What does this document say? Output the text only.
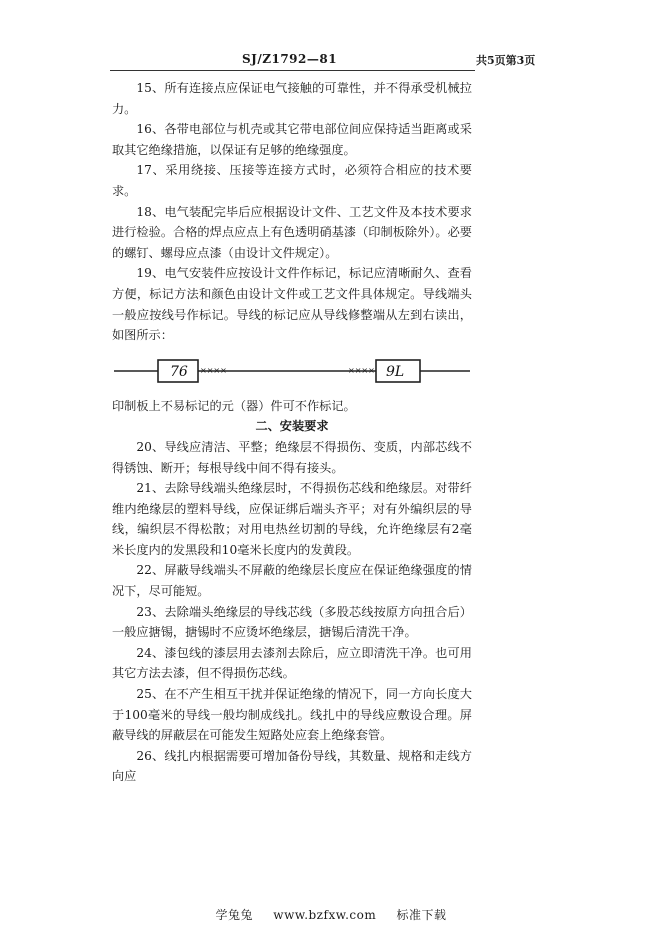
SJ/Z1792—81	共5页第3页

15、所有连接点应保证电气接触的可靠性，并不得承受机械拉力。

16、各带电部位与机壳或其它带电部位间应保持适当距离或采取其它绝缘措施，以保证有足够的绝缘强度。

17、采用绕接、压接等连接方式时，必须符合相应的技术要求。

18、电气装配完毕后应根据设计文件、工艺文件及本技术要求进行检验。合格的焊点应点上有色透明硝基漆（印制板除外）。必要的螺钉、螺母应点漆（由设计文件规定）。

19、电气安装件应按设计文件作标记，标记应清晰耐久、查看方便，标记方法和颜色由设计文件或工艺文件具体规定。导线端头一般应按线号作标记。导线的标记应从导线修整端从左到右读出，如图所示：

76 ××××	×××× 9L

印制板上不易标记的元（器）件可不作标记。

二、安装要求

20、导线应清洁、平整；绝缘层不得损伤、变质，内部芯线不得锈蚀、断开；每根导线中间不得有接头。

21、去除导线端头绝缘层时，不得损伤芯线和绝缘层。对带纤维内绝缘层的塑料导线，应保证绑后端头齐平；对有外编织层的导线，编织层不得松散；对用电热丝切割的导线，允许绝缘层有2毫米长度内的发黑段和10毫米长度内的发黄段。

22、屏蔽导线端头不屏蔽的绝缘层长度应在保证绝缘强度的情况下，尽可能短。

23、去除端头绝缘层的导线芯线（多股芯线按原方向扭合后）一般应搪锡，搪锡时不应烫坏绝缘层，搪锡后清洗干净。

24、漆包线的漆层用去漆剂去除后，应立即清洗干净。也可用其它方法去漆，但不得损伤芯线。

25、在不产生相互干扰并保证绝缘的情况下，同一方向长度大于100毫米的导线一般均制成线扎。线扎中的导线应敷设合理。屏蔽导线的屏蔽层在可能发生短路处应套上绝缘套管。

26、线扎内根据需要可增加备份导线，其数量、规格和走线方向应

学兔兔 www.bzfxw.com 标准下载
